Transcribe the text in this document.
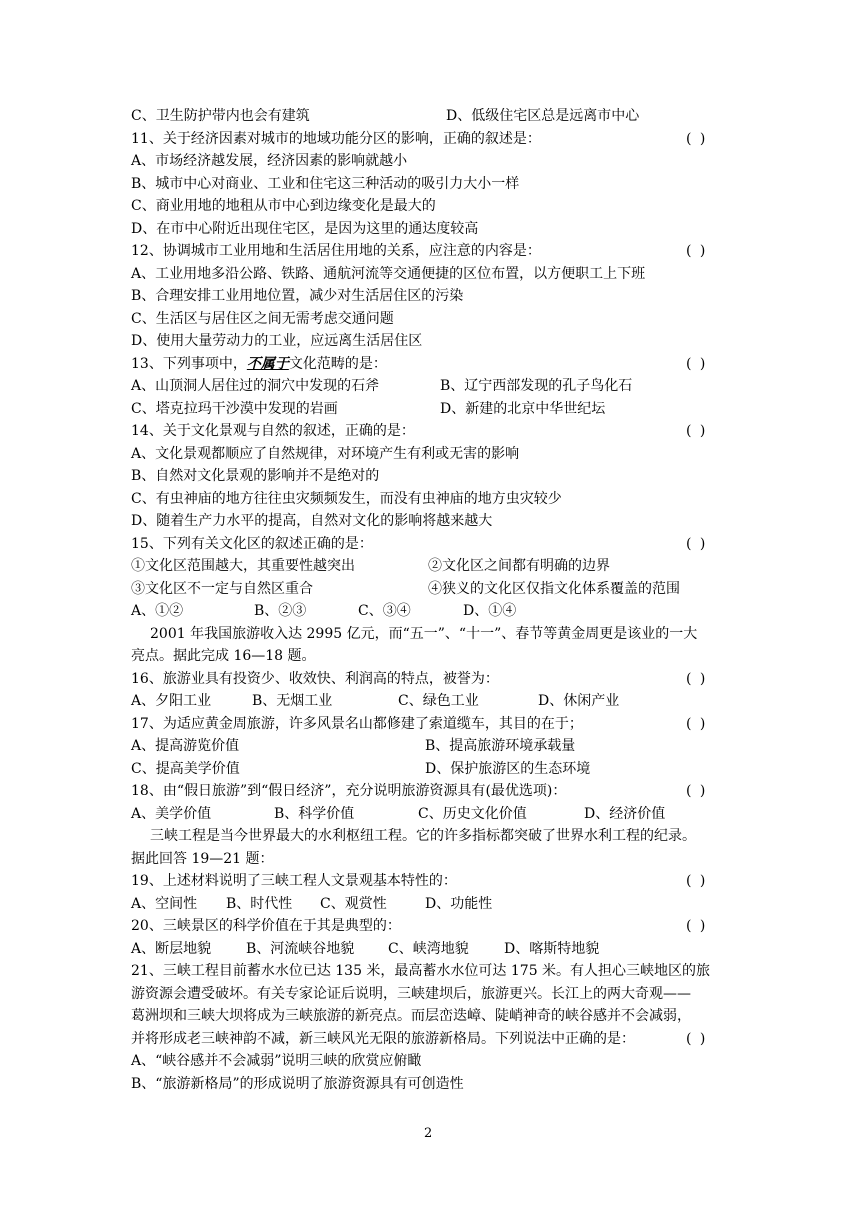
C、卫生防护带内也会有建筑	D、低级住宅区总是远离市中心
11、关于经济因素对城市的地域功能分区的影响，正确的叙述是：	( )
A、市场经济越发展，经济因素的影响就越小
B、城市中心对商业、工业和住宅这三种活动的吸引力大小一样
C、商业用地的地租从市中心到边缘变化是最大的
D、在市中心附近出现住宅区，是因为这里的通达度较高
12、协调城市工业用地和生活居住用地的关系，应注意的内容是：	( )
A、工业用地多沿公路、铁路、通航河流等交通便捷的区位布置，以方便职工上下班
B、合理安排工业用地位置，减少对生活居住区的污染
C、生活区与居住区之间无需考虑交通问题
D、使用大量劳动力的工业，应远离生活居住区
13、下列事项中，不属于文化范畴的是：	( )
A、山顶洞人居住过的洞穴中发现的石斧	B、辽宁西部发现的孔子鸟化石
C、塔克拉玛干沙漠中发现的岩画	D、新建的北京中华世纪坛
14、关于文化景观与自然的叙述，正确的是：	( )
A、文化景观都顺应了自然规律，对环境产生有利或无害的影响
B、自然对文化景观的影响并不是绝对的
C、有虫神庙的地方往往虫灾频频发生，而没有虫神庙的地方虫灾较少
D、随着生产力水平的提高，自然对文化的影响将越来越大
15、下列有关文化区的叙述正确的是：	( )
①文化区范围越大，其重要性越突出	②文化区之间都有明确的边界
③文化区不一定与自然区重合	④狭义的文化区仅指文化体系覆盖的范围
A、①②	B、②③	C、③④	D、①④
2001 年我国旅游收入达 2995 亿元，而“五一”、“十一”、春节等黄金周更是该业的一大
亮点。据此完成 16—18 题。
16、旅游业具有投资少、收效快、利润高的特点，被誉为：	( )
A、夕阳工业	B、无烟工业	C、绿色工业	D、休闲产业
17、为适应黄金周旅游，许多风景名山都修建了索道缆车，其目的在于；	( )
A、提高游览价值	B、提高旅游环境承载量
C、提高美学价值	D、保护旅游区的生态环境
18、由“假日旅游”到“假日经济”，充分说明旅游资源具有(最优选项)：	( )
A、美学价值	B、科学价值	C、历史文化价值	D、经济价值
三峡工程是当今世界最大的水利枢纽工程。它的许多指标都突破了世界水利工程的纪录。
据此回答 19—21 题：
19、上述材料说明了三峡工程人文景观基本特性的：	( )
A、空间性 B、时代性 C、观赏性	D、功能性
20、三峡景区的科学价值在于其是典型的：	( )
A、断层地貌 B、河流峡谷地貌 C、峡湾地貌	D、喀斯特地貌
21、三峡工程目前蓄水水位已达 135 米，最高蓄水水位可达 175 米。有人担心三峡地区的旅
游资源会遭受破坏。有关专家论证后说明，三峡建坝后，旅游更兴。长江上的两大奇观——
葛洲坝和三峡大坝将成为三峡旅游的新亮点。而层峦迭嶂、陡峭神奇的峡谷感并不会减弱，
并将形成老三峡神韵不减，新三峡风光无限的旅游新格局。下列说法中正确的是：	( )
A、“峡谷感并不会减弱”说明三峡的欣赏应俯瞰
B、“旅游新格局”的形成说明了旅游资源具有可创造性
2
